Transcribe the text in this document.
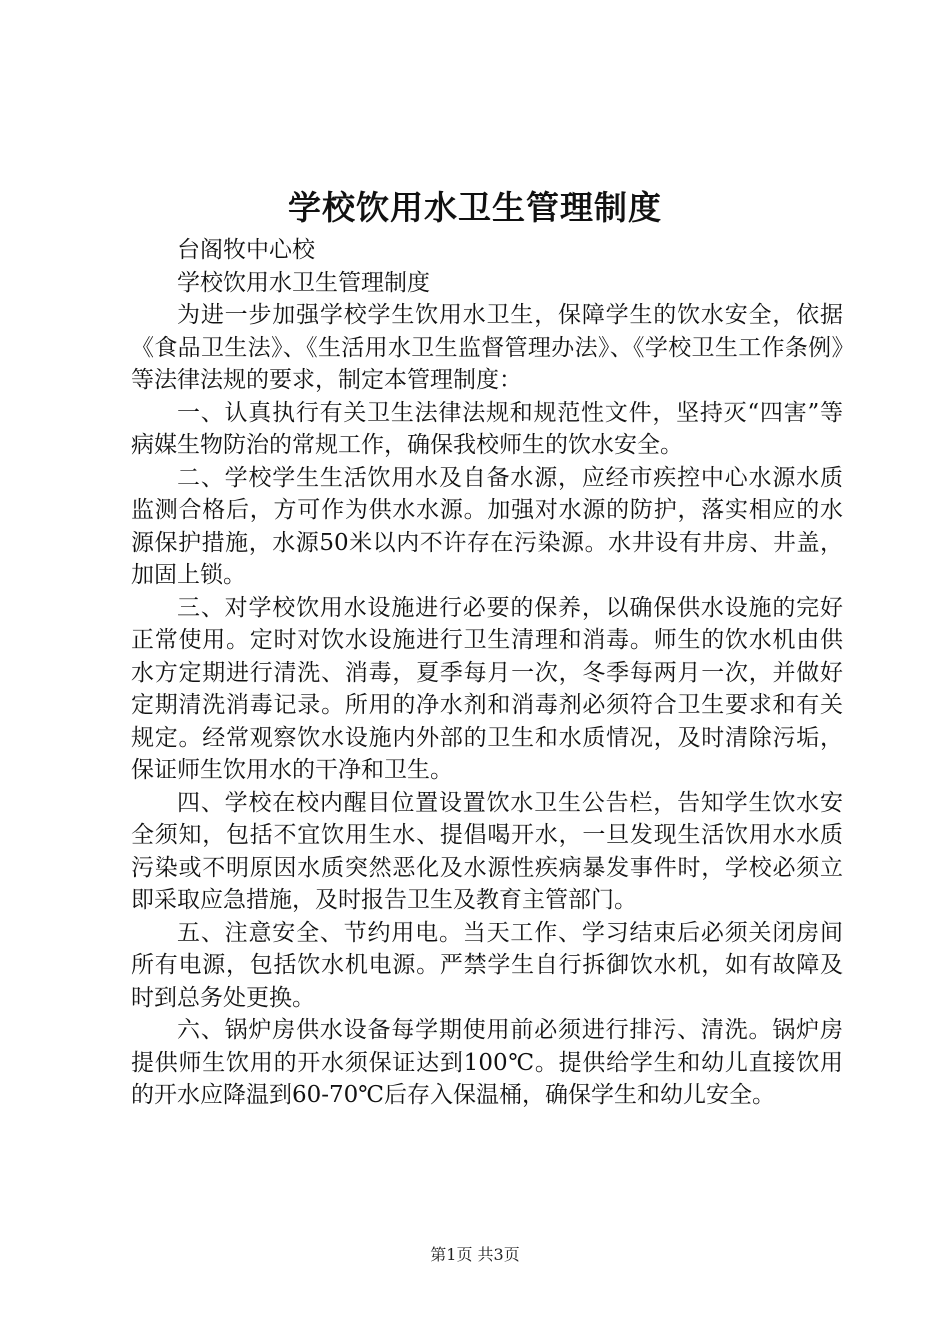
学校饮用水卫生管理制度

台阁牧中心校

学校饮用水卫生管理制度

为进一步加强学校学生饮用水卫生，保障学生的饮水安全，依据《食品卫生法》、《生活用水卫生监督管理办法》、《学校卫生工作条例》等法律法规的要求，制定本管理制度：

一、认真执行有关卫生法律法规和规范性文件，坚持灭“四害”等病媒生物防治的常规工作，确保我校师生的饮水安全。

二、学校学生生活饮用水及自备水源，应经市疾控中心水源水质监测合格后，方可作为供水水源。加强对水源的防护，落实相应的水源保护措施，水源50米以内不许存在污染源。水井设有井房、井盖，加固上锁。

三、对学校饮用水设施进行必要的保养，以确保供水设施的完好正常使用。定时对饮水设施进行卫生清理和消毒。师生的饮水机由供水方定期进行清洗、消毒，夏季每月一次，冬季每两月一次，并做好定期清洗消毒记录。所用的净水剂和消毒剂必须符合卫生要求和有关规定。经常观察饮水设施内外部的卫生和水质情况，及时清除污垢，保证师生饮用水的干净和卫生。

四、学校在校内醒目位置设置饮水卫生公告栏，告知学生饮水安全须知，包括不宜饮用生水、提倡喝开水，一旦发现生活饮用水水质污染或不明原因水质突然恶化及水源性疾病暴发事件时，学校必须立即采取应急措施，及时报告卫生及教育主管部门。

五、注意安全、节约用电。当天工作、学习结束后必须关闭房间所有电源，包括饮水机电源。严禁学生自行拆御饮水机，如有故障及时到总务处更换。

六、锅炉房供水设备每学期使用前必须进行排污、清洗。锅炉房提供师生饮用的开水须保证达到100℃。提供给学生和幼儿直接饮用的开水应降温到60-70℃后存入保温桶，确保学生和幼儿安全。

第1页 共3页
